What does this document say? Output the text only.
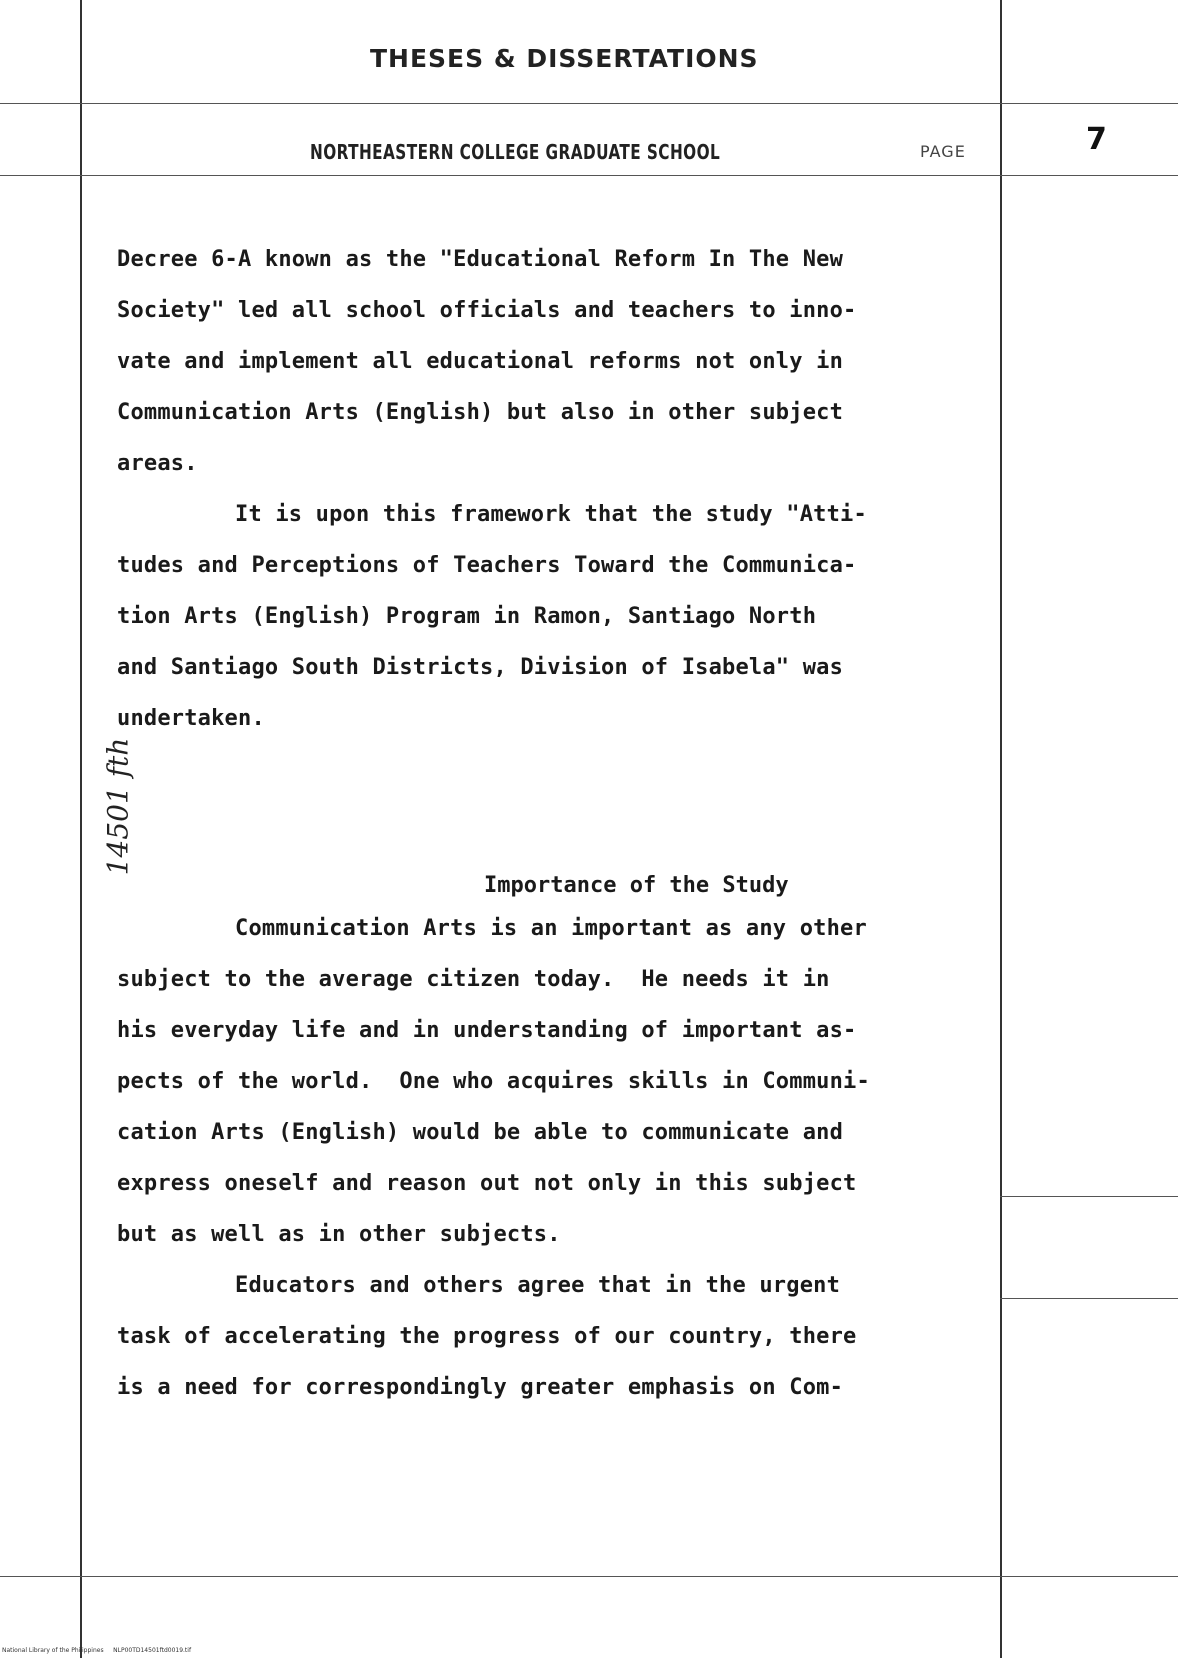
THESES & DISSERTATIONS
NORTHEASTERN COLLEGE GRADUATE SCHOOL	PAGE	7
Decree 6-A known as the "Educational Reform In The New
Society" led all school officials and teachers to inno-
vate and implement all educational reforms not only in
Communication Arts (English) but also in other subject
areas.
It is upon this framework that the study "Atti-
tudes and Perceptions of Teachers Toward the Communica-
tion Arts (English) Program in Ramon, Santiago North
and Santiago South Districts, Division of Isabela" was
undertaken.
Importance of the Study
Communication Arts is an important as any other
subject to the average citizen today.  He needs it in
his everyday life and in understanding of important as-
pects of the world.  One who acquires skills in Communi-
cation Arts (English) would be able to communicate and
express oneself and reason out not only in this subject
but as well as in other subjects.
Educators and others agree that in the urgent
task of accelerating the progress of our country, there
is a need for correspondingly greater emphasis on Com-
14501 fth
National Library of the Philippines NLP00TD14501ftd0019.tif
